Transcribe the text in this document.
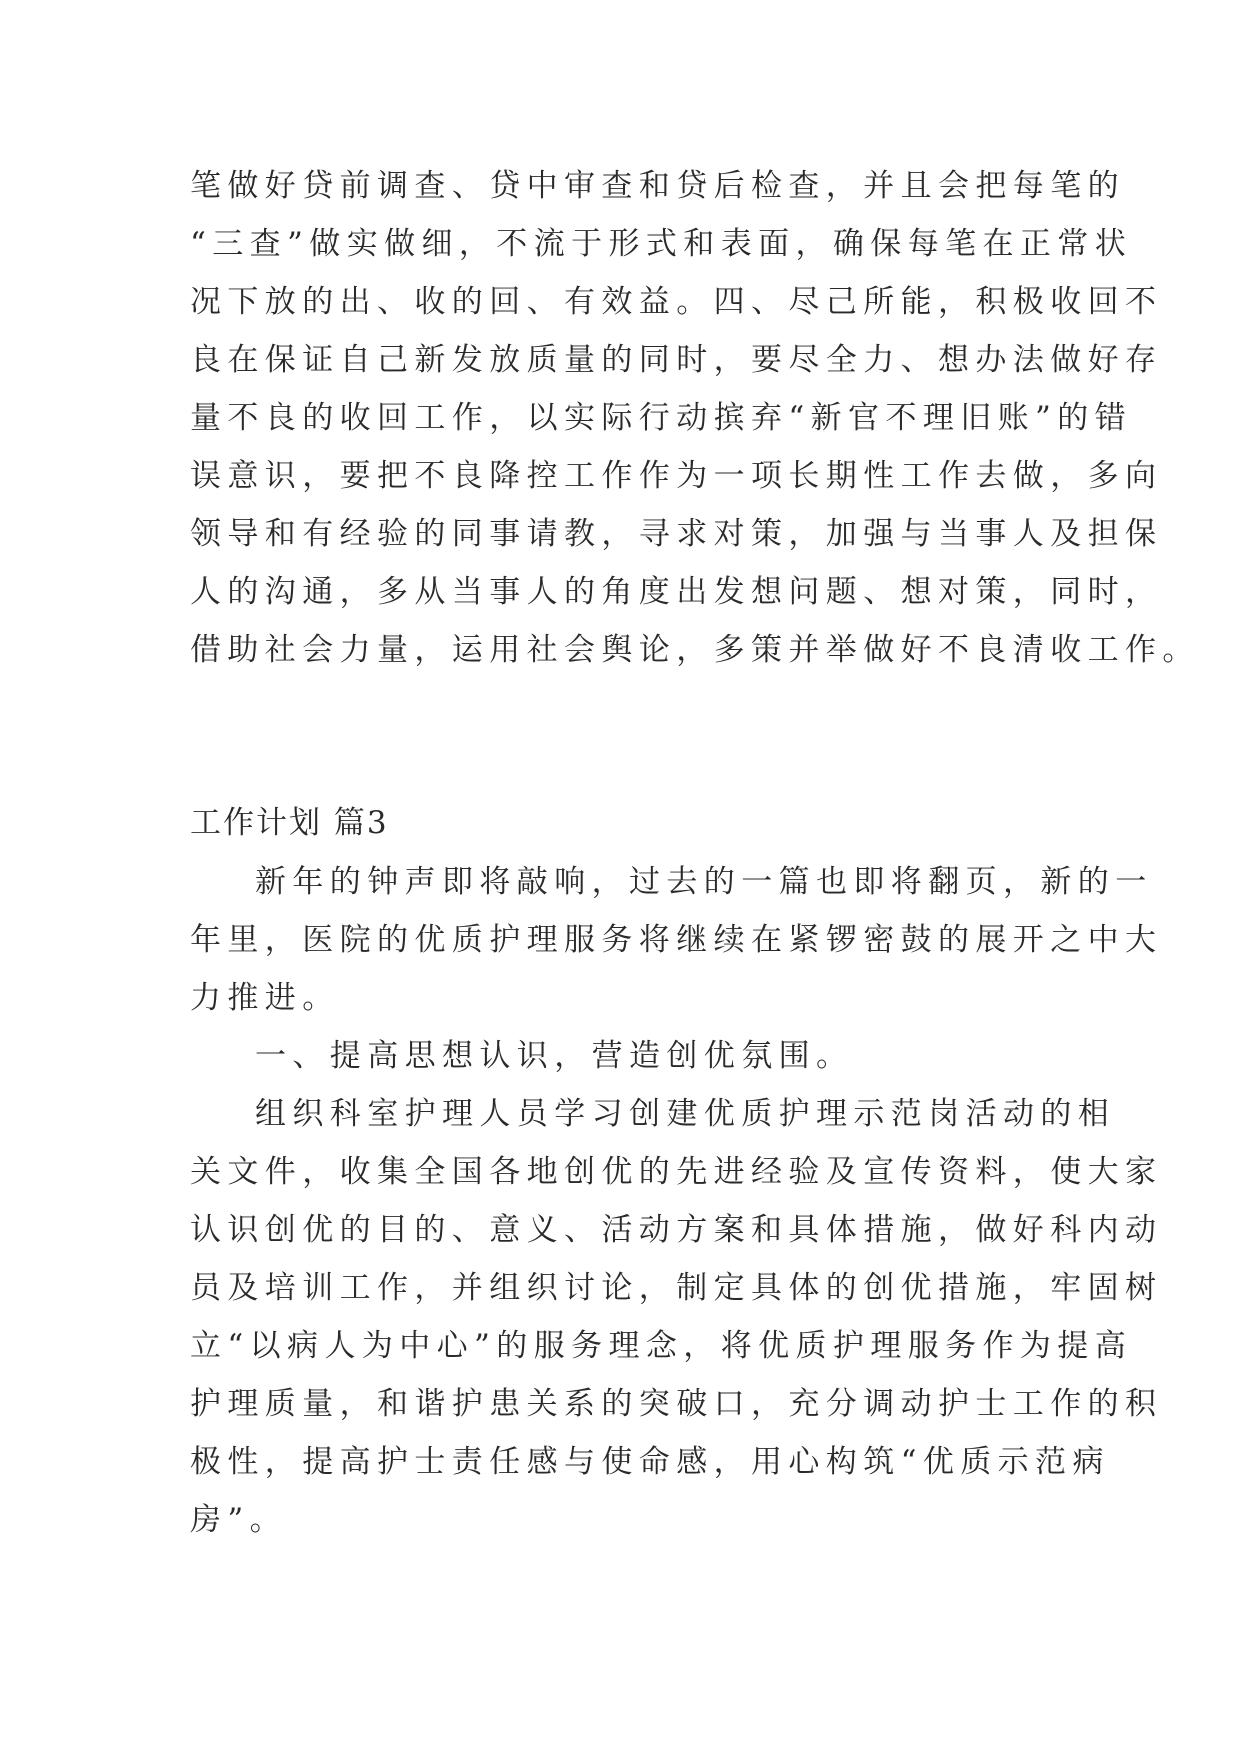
笔做好贷前调查、贷中审查和贷后检查，并且会把每笔的
“三查”做实做细，不流于形式和表面，确保每笔在正常状
况下放的出、收的回、有效益。四、尽己所能，积极收回不
良在保证自己新发放质量的同时，要尽全力、想办法做好存
量不良的收回工作，以实际行动摈弃“新官不理旧账”的错
误意识，要把不良降控工作作为一项长期性工作去做，多向
领导和有经验的同事请教，寻求对策，加强与当事人及担保
人的沟通，多从当事人的角度出发想问题、想对策，同时，
借助社会力量，运用社会舆论，多策并举做好不良清收工作。
工作计划 篇3
新年的钟声即将敲响，过去的一篇也即将翻页，新的一
年里，医院的优质护理服务将继续在紧锣密鼓的展开之中大
力推进。
一、提高思想认识，营造创优氛围。
组织科室护理人员学习创建优质护理示范岗活动的相
关文件，收集全国各地创优的先进经验及宣传资料，使大家
认识创优的目的、意义、活动方案和具体措施，做好科内动
员及培训工作，并组织讨论，制定具体的创优措施，牢固树
立“以病人为中心”的服务理念，将优质护理服务作为提高
护理质量，和谐护患关系的突破口，充分调动护士工作的积
极性，提高护士责任感与使命感，用心构筑“优质示范病
房”。
